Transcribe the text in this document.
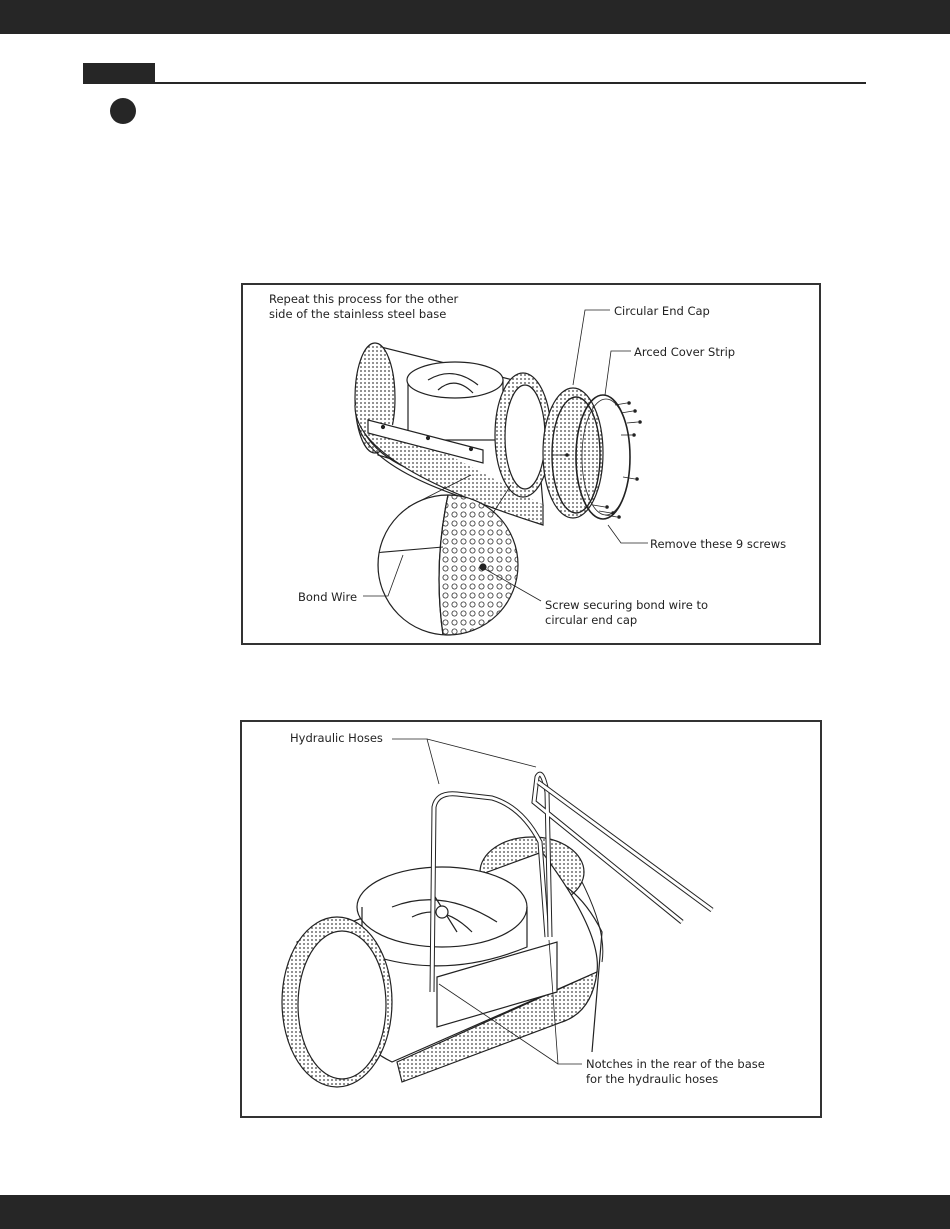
Repeat this process for the other
side of the stainless steel base	Circular End Cap
Arced Cover Strip
Remove these 9 screws
Bond Wire
Screw securing bond wire to
circular end cap
Hydraulic Hoses
Notches in the rear of the base
for the hydraulic hoses
